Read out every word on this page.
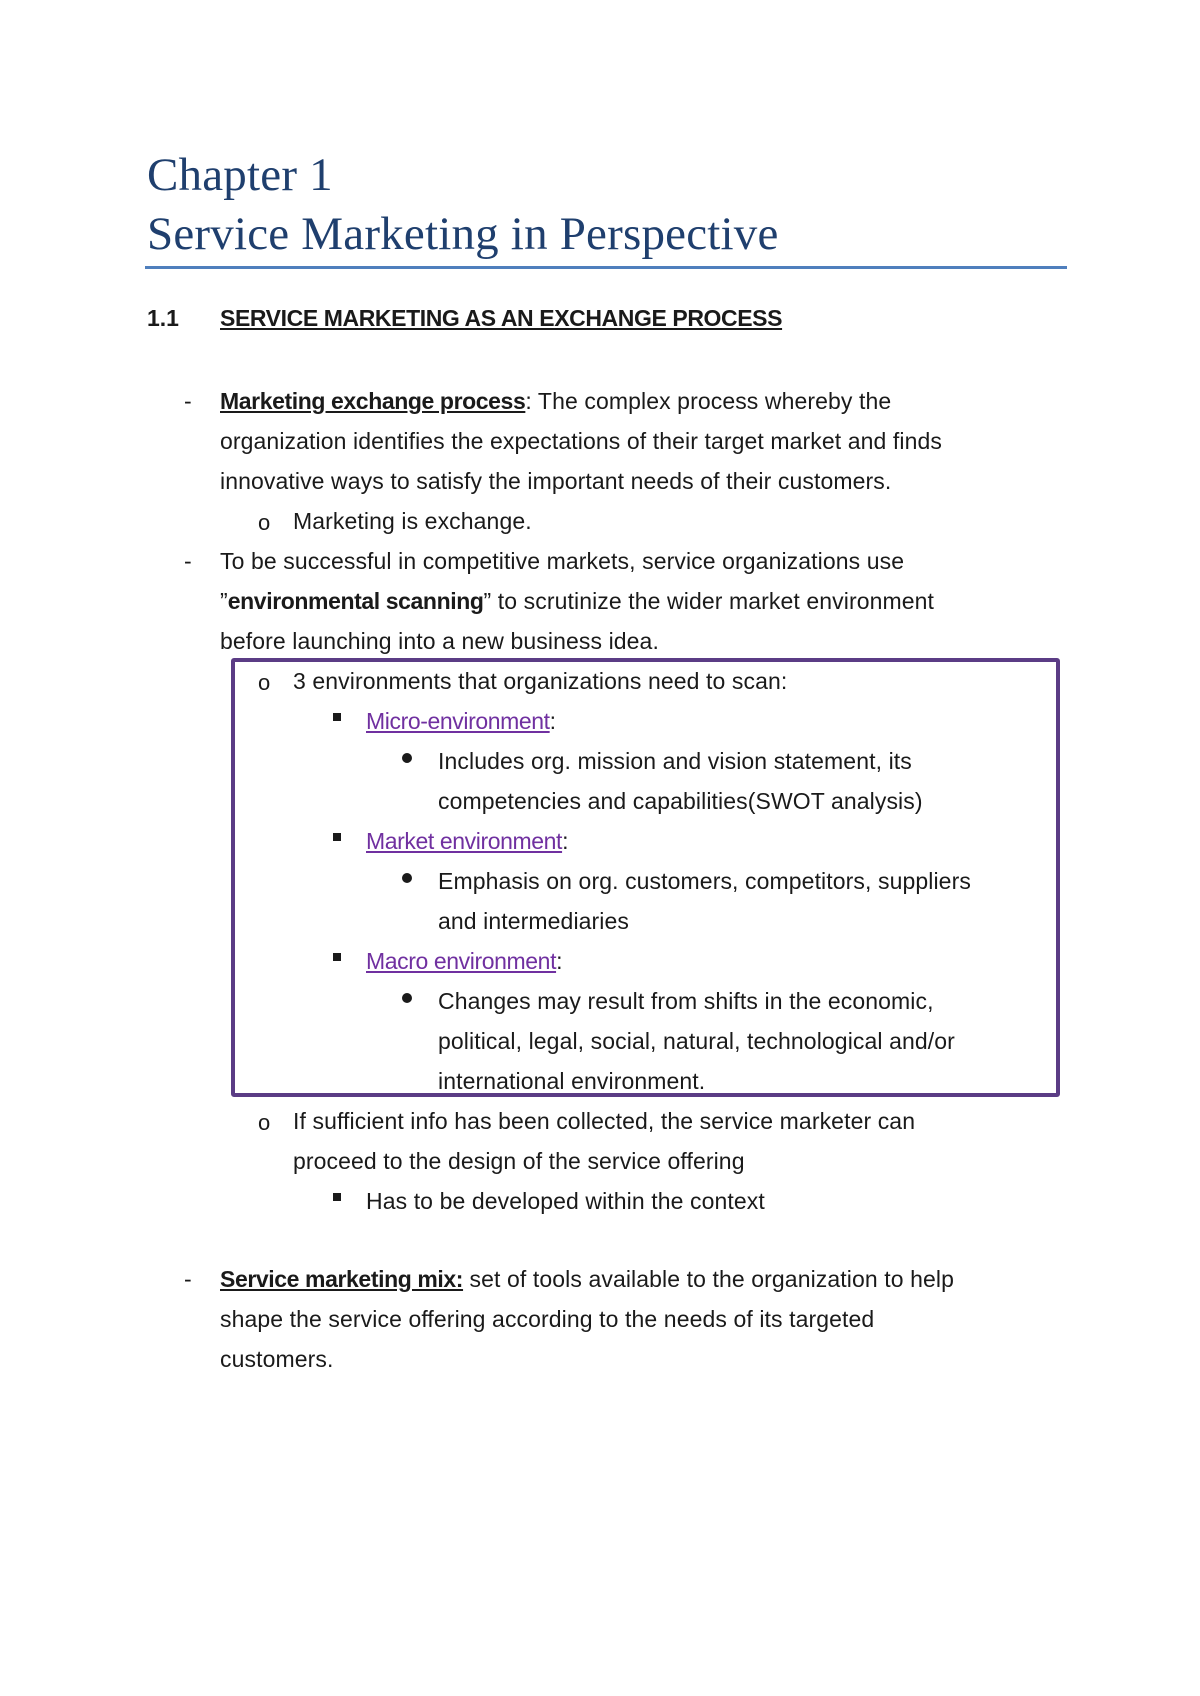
Chapter 1
Service Marketing in Perspective
1.1 SERVICE MARKETING AS AN EXCHANGE PROCESS
- Marketing exchange process: The complex process whereby the
organization identifies the expectations of their target market and finds
innovative ways to satisfy the important needs of their customers.
o Marketing is exchange.
- To be successful in competitive markets, service organizations use
”environmental scanning” to scrutinize the wider market environment
before launching into a new business idea.
o 3 environments that organizations need to scan:
Micro-environment:
Includes org. mission and vision statement, its
competencies and capabilities(SWOT analysis)
Market environment:
Emphasis on org. customers, competitors, suppliers
and intermediaries
Macro environment:
Changes may result from shifts in the economic,
political, legal, social, natural, technological and/or
international environment.
o If sufficient info has been collected, the service marketer can
proceed to the design of the service offering
Has to be developed within the context
- Service marketing mix: set of tools available to the organization to help
shape the service offering according to the needs of its targeted
customers.
